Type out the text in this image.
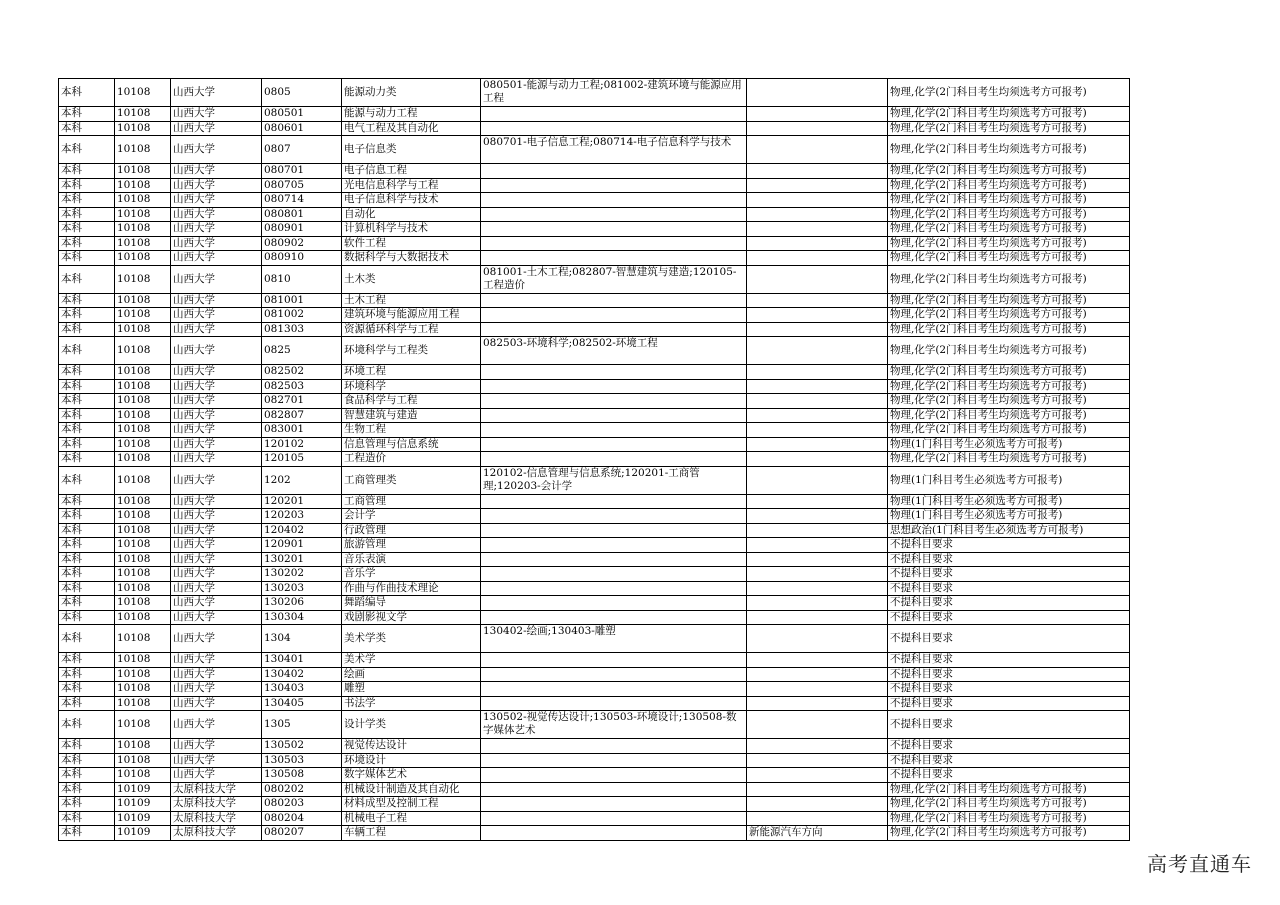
本科	10108	山西大学	0805	能源动力类	080501-能源与动力工程;081002-建筑环境与能源应用工程		物理,化学(2门科目考生均须选考方可报考)
本科	10108	山西大学	080501	能源与动力工程			物理,化学(2门科目考生均须选考方可报考)
本科	10108	山西大学	080601	电气工程及其自动化			物理,化学(2门科目考生均须选考方可报考)
本科	10108	山西大学	0807	电子信息类	080701-电子信息工程;080714-电子信息科学与技术		物理,化学(2门科目考生均须选考方可报考)
本科	10108	山西大学	080701	电子信息工程			物理,化学(2门科目考生均须选考方可报考)
本科	10108	山西大学	080705	光电信息科学与工程			物理,化学(2门科目考生均须选考方可报考)
本科	10108	山西大学	080714	电子信息科学与技术			物理,化学(2门科目考生均须选考方可报考)
本科	10108	山西大学	080801	自动化			物理,化学(2门科目考生均须选考方可报考)
本科	10108	山西大学	080901	计算机科学与技术			物理,化学(2门科目考生均须选考方可报考)
本科	10108	山西大学	080902	软件工程			物理,化学(2门科目考生均须选考方可报考)
本科	10108	山西大学	080910	数据科学与大数据技术			物理,化学(2门科目考生均须选考方可报考)
本科	10108	山西大学	0810	土木类	081001-土木工程;082807-智慧建筑与建造;120105-工程造价		物理,化学(2门科目考生均须选考方可报考)
本科	10108	山西大学	081001	土木工程			物理,化学(2门科目考生均须选考方可报考)
本科	10108	山西大学	081002	建筑环境与能源应用工程			物理,化学(2门科目考生均须选考方可报考)
本科	10108	山西大学	081303	资源循环科学与工程			物理,化学(2门科目考生均须选考方可报考)
本科	10108	山西大学	0825	环境科学与工程类	082503-环境科学;082502-环境工程		物理,化学(2门科目考生均须选考方可报考)
本科	10108	山西大学	082502	环境工程			物理,化学(2门科目考生均须选考方可报考)
本科	10108	山西大学	082503	环境科学			物理,化学(2门科目考生均须选考方可报考)
本科	10108	山西大学	082701	食品科学与工程			物理,化学(2门科目考生均须选考方可报考)
本科	10108	山西大学	082807	智慧建筑与建造			物理,化学(2门科目考生均须选考方可报考)
本科	10108	山西大学	083001	生物工程			物理,化学(2门科目考生均须选考方可报考)
本科	10108	山西大学	120102	信息管理与信息系统			物理(1门科目考生必须选考方可报考)
本科	10108	山西大学	120105	工程造价			物理,化学(2门科目考生均须选考方可报考)
本科	10108	山西大学	1202	工商管理类	120102-信息管理与信息系统;120201-工商管理;120203-会计学		物理(1门科目考生必须选考方可报考)
本科	10108	山西大学	120201	工商管理			物理(1门科目考生必须选考方可报考)
本科	10108	山西大学	120203	会计学			物理(1门科目考生必须选考方可报考)
本科	10108	山西大学	120402	行政管理			思想政治(1门科目考生必须选考方可报考)
本科	10108	山西大学	120901	旅游管理			不提科目要求
本科	10108	山西大学	130201	音乐表演			不提科目要求
本科	10108	山西大学	130202	音乐学			不提科目要求
本科	10108	山西大学	130203	作曲与作曲技术理论			不提科目要求
本科	10108	山西大学	130206	舞蹈编导			不提科目要求
本科	10108	山西大学	130304	戏剧影视文学			不提科目要求
本科	10108	山西大学	1304	美术学类	130402-绘画;130403-雕塑		不提科目要求
本科	10108	山西大学	130401	美术学			不提科目要求
本科	10108	山西大学	130402	绘画			不提科目要求
本科	10108	山西大学	130403	雕塑			不提科目要求
本科	10108	山西大学	130405	书法学			不提科目要求
本科	10108	山西大学	1305	设计学类	130502-视觉传达设计;130503-环境设计;130508-数字媒体艺术		不提科目要求
本科	10108	山西大学	130502	视觉传达设计			不提科目要求
本科	10108	山西大学	130503	环境设计			不提科目要求
本科	10108	山西大学	130508	数字媒体艺术			不提科目要求
本科	10109	太原科技大学	080202	机械设计制造及其自动化			物理,化学(2门科目考生均须选考方可报考)
本科	10109	太原科技大学	080203	材料成型及控制工程			物理,化学(2门科目考生均须选考方可报考)
本科	10109	太原科技大学	080204	机械电子工程			物理,化学(2门科目考生均须选考方可报考)
本科	10109	太原科技大学	080207	车辆工程		新能源汽车方向	物理,化学(2门科目考生均须选考方可报考)
高考直通车
